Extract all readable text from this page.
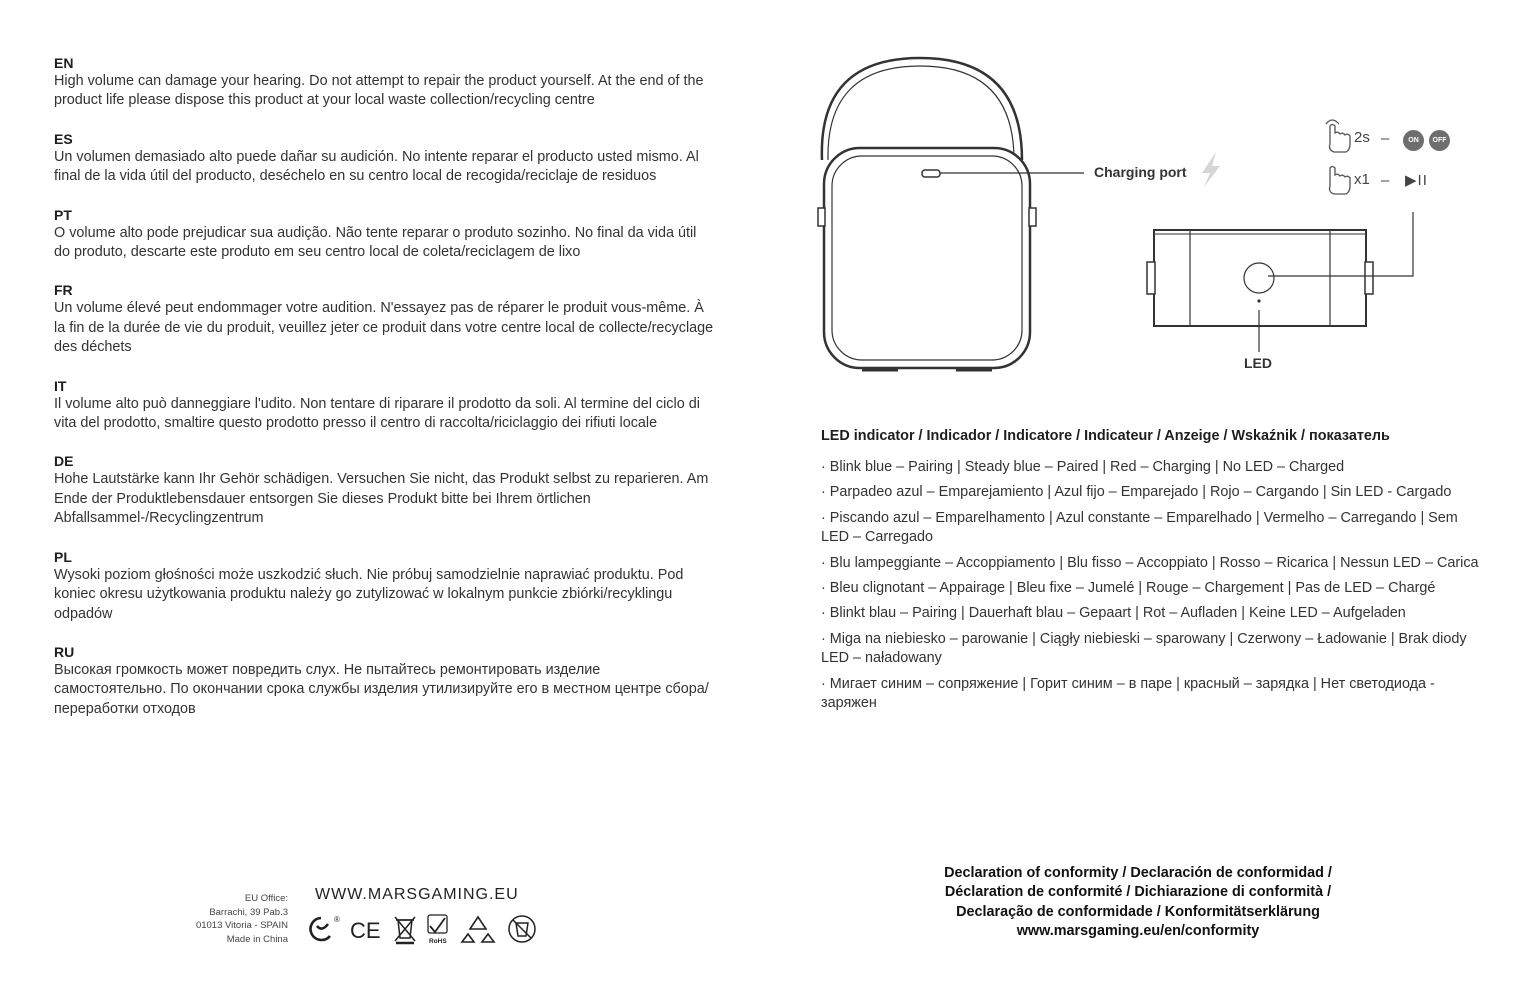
EN
High volume can damage your hearing. Do not attempt to repair the product yourself. At the end of the product life please dispose this product at your local waste collection/recycling centre
ES
Un volumen demasiado alto puede dañar su audición. No intente reparar el producto usted mismo. Al final de la vida útil del producto, deséchelo en su centro local de recogida/reciclaje de residuos
PT
O volume alto pode prejudicar sua audição. Não tente reparar o produto sozinho. No final da vida útil do produto, descarte este produto em seu centro local de coleta/reciclagem de lixo
FR
Un volume élevé peut endommager votre audition. N'essayez pas de réparer le produit vous-même. À la fin de la durée de vie du produit, veuillez jeter ce produit dans votre centre local de collecte/recyclage des déchets
IT
Il volume alto può danneggiare l'udito. Non tentare di riparare il prodotto da soli. Al termine del ciclo di vita del prodotto, smaltire questo prodotto presso il centro di raccolta/riciclaggio dei rifiuti locale
DE
Hohe Lautstärke kann Ihr Gehör schädigen. Versuchen Sie nicht, das Produkt selbst zu reparieren. Am Ende der Produktlebensdauer entsorgen Sie dieses Produkt bitte bei Ihrem örtlichen Abfallsammel-/Recyclingzentrum
PL
Wysoki poziom głośności może uszkodzić słuch. Nie próbuj samodzielnie naprawiać produktu. Pod koniec okresu użytkowania produktu należy go zutylizować w lokalnym punkcie zbiórki/recyklingu odpadów
RU
Высокая громкость может повредить слух. Не пытайтесь ремонтировать изделие самостоятельно. По окончании срока службы изделия утилизируйте его в местном центре сбора/переработки отходов
Charging port
LED
2s –	ON	OFF
x1 – ▶II
LED indicator / Indicador / Indicatore / Indicateur / Anzeige / Wskaźnik / показатель
· Blink blue – Pairing | Steady blue – Paired | Red – Charging | No LED – Charged
· Parpadeo azul – Emparejamiento | Azul fijo – Emparejado | Rojo – Cargando | Sin LED - Cargado
· Piscando azul – Emparelhamento | Azul constante – Emparelhado | Vermelho – Carregando | Sem LED – Carregado
· Blu lampeggiante – Accoppiamento | Blu fisso – Accoppiato | Rosso – Ricarica | Nessun LED – Carica
· Bleu clignotant – Appairage | Bleu fixe – Jumelé | Rouge – Chargement | Pas de LED – Chargé
· Blinkt blau – Pairing | Dauerhaft blau – Gepaart | Rot – Aufladen | Keine LED – Aufgeladen
· Miga na niebiesko – parowanie | Ciągły niebieski – sparowany | Czerwony – Ładowanie | Brak diody LED – naładowany
· Мигает синим – сопряжение | Горит синим – в паре | красный – зарядка | Нет светодиода - заряжен
EU Office:
Barrachi, 39 Pab.3
01013 Vitoria - SPAIN
Made in China
WWW.MARSGAMING.EU
® CE	RoHS
Declaration of conformity / Declaración de conformidad /
Déclaration de conformité / Dichiarazione di conformità /
Declaração de conformidade / Konformitätserklärung
www.marsgaming.eu/en/conformity
